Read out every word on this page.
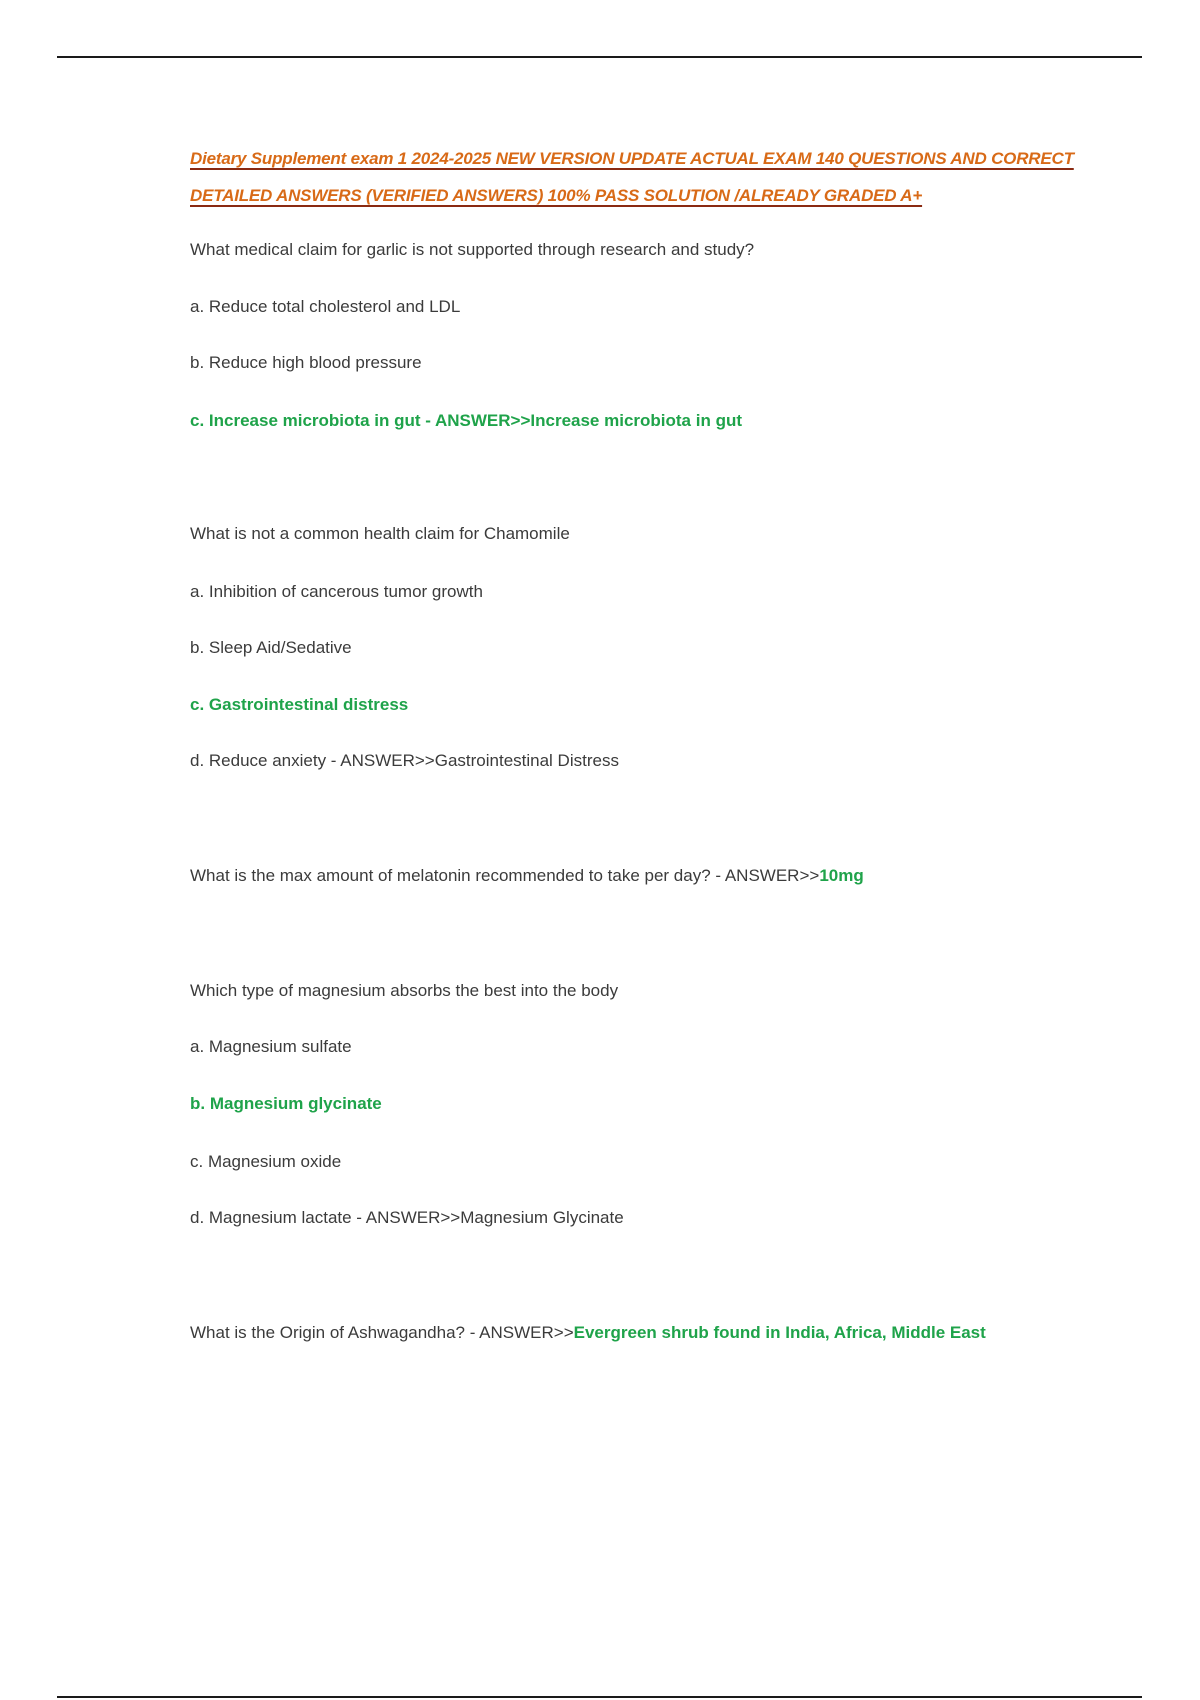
Dietary Supplement exam 1 2024-2025 NEW VERSION UPDATE ACTUAL EXAM 140 QUESTIONS AND CORRECT DETAILED ANSWERS (VERIFIED ANSWERS) 100% PASS SOLUTION /ALREADY GRADED A+

What medical claim for garlic is not supported through research and study?

a. Reduce total cholesterol and LDL

b. Reduce high blood pressure

c. Increase microbiota in gut - ANSWER>>Increase microbiota in gut

What is not a common health claim for Chamomile

a. Inhibition of cancerous tumor growth

b. Sleep Aid/Sedative

c. Gastrointestinal distress

d. Reduce anxiety - ANSWER>>Gastrointestinal Distress

What is the max amount of melatonin recommended to take per day? - ANSWER>>10mg

Which type of magnesium absorbs the best into the body

a. Magnesium sulfate

b. Magnesium glycinate

c. Magnesium oxide

d. Magnesium lactate - ANSWER>>Magnesium Glycinate

What is the Origin of Ashwagandha? - ANSWER>>Evergreen shrub found in India, Africa, Middle East
